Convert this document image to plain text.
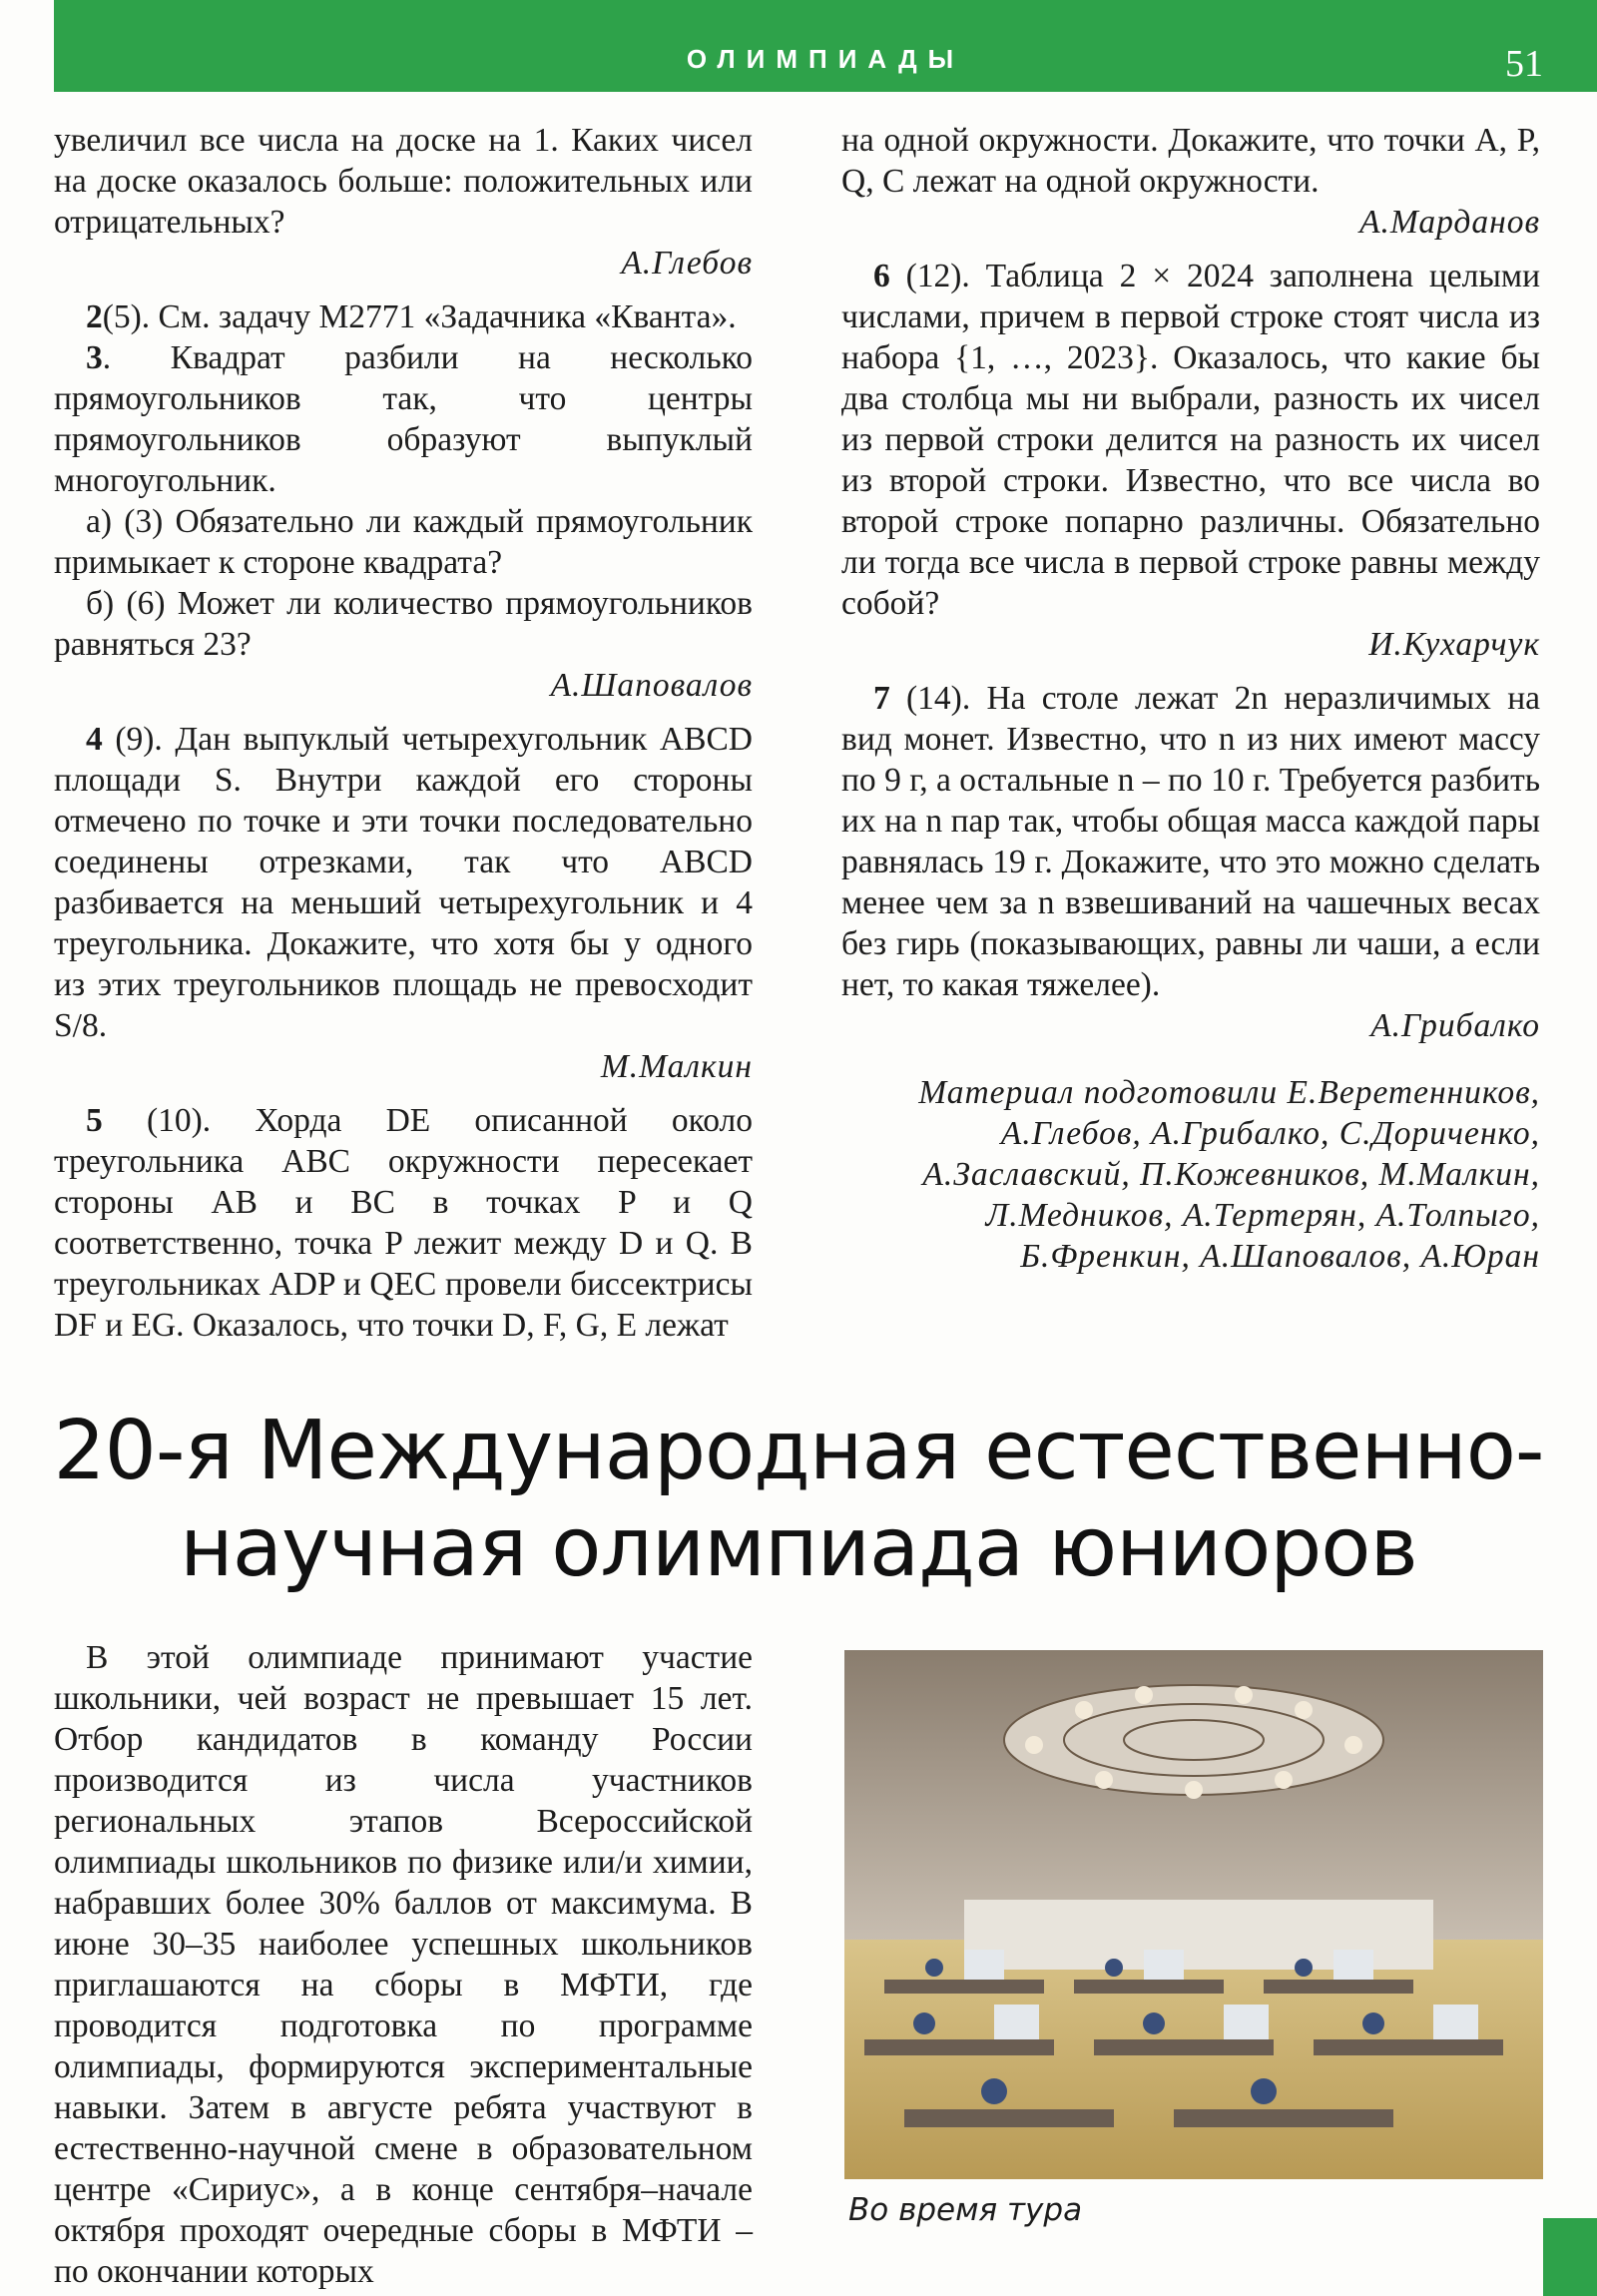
ОЛИМПИАДЫ	51

увеличил все числа на доске на 1. Каких чисел на доске оказалось больше: положительных или отрицательных?

А.Глебов

2(5). См. задачу М2771 «Задачника «Кванта».

3. Квадрат разбили на несколько прямоугольников так, что центры прямоугольников образуют выпуклый многоугольник.

а) (3) Обязательно ли каждый прямоугольник примыкает к стороне квадрата?

б) (6) Может ли количество прямоугольников равняться 23?

А.Шаповалов

4 (9). Дан выпуклый четырехугольник ABCD площади S. Внутри каждой его стороны отмечено по точке и эти точки последовательно соединены отрезками, так что ABCD разбивается на меньший четырехугольник и 4 треугольника. Докажите, что хотя бы у одного из этих треугольников площадь не превосходит S/8.

М.Малкин

5 (10). Хорда DE описанной около треугольника ABC окружности пересекает стороны AB и BC в точках P и Q соответственно, точка P лежит между D и Q. В треугольниках ADP и QEC провели биссектрисы DF и EG. Оказалось, что точки D, F, G, E лежат

на одной окружности. Докажите, что точки A, P, Q, C лежат на одной окружности.

А.Марданов

6 (12). Таблица 2 × 2024 заполнена целыми числами, причем в первой строке стоят числа из набора {1, …, 2023}. Оказалось, что какие бы два столбца мы ни выбрали, разность их чисел из первой строки делится на разность их чисел из второй строки. Известно, что все числа во второй строке попарно различны. Обязательно ли тогда все числа в первой строке равны между собой?

И.Кухарчук

7 (14). На столе лежат 2n неразличимых на вид монет. Известно, что n из них имеют массу по 9 г, а остальные n – по 10 г. Требуется разбить их на n пар так, чтобы общая масса каждой пары равнялась 19 г. Докажите, что это можно сделать менее чем за n взвешиваний на чашечных весах без гирь (показывающих, равны ли чаши, а если нет, то какая тяжелее).

А.Грибалко

Материал подготовили Е.Веретенников, А.Глебов, А.Грибалко, С.Дориченко, А.Заславский, П.Кожевников, М.Малкин, Л.Медников, А.Тертерян, А.Толпыго, Б.Френкин, А.Шаповалов, А.Юран

20-я Международная естественно-
научная олимпиада юниоров

В этой олимпиаде принимают участие школьники, чей возраст не превышает 15 лет. Отбор кандидатов в команду России производится из числа участников региональных этапов Всероссийской олимпиады школьников по физике или/и химии, набравших более 30% баллов от максимума. В июне 30–35 наиболее успешных школьников приглашаются на сборы в МФТИ, где проводится подготовка по программе олимпиады, формируются экспериментальные навыки. Затем в августе ребята участвуют в естественно-научной смене в образовательном центре «Сириус», а в конце сентября–начале октября проходят очередные сборы в МФТИ – по окончании которых

Во время тура
